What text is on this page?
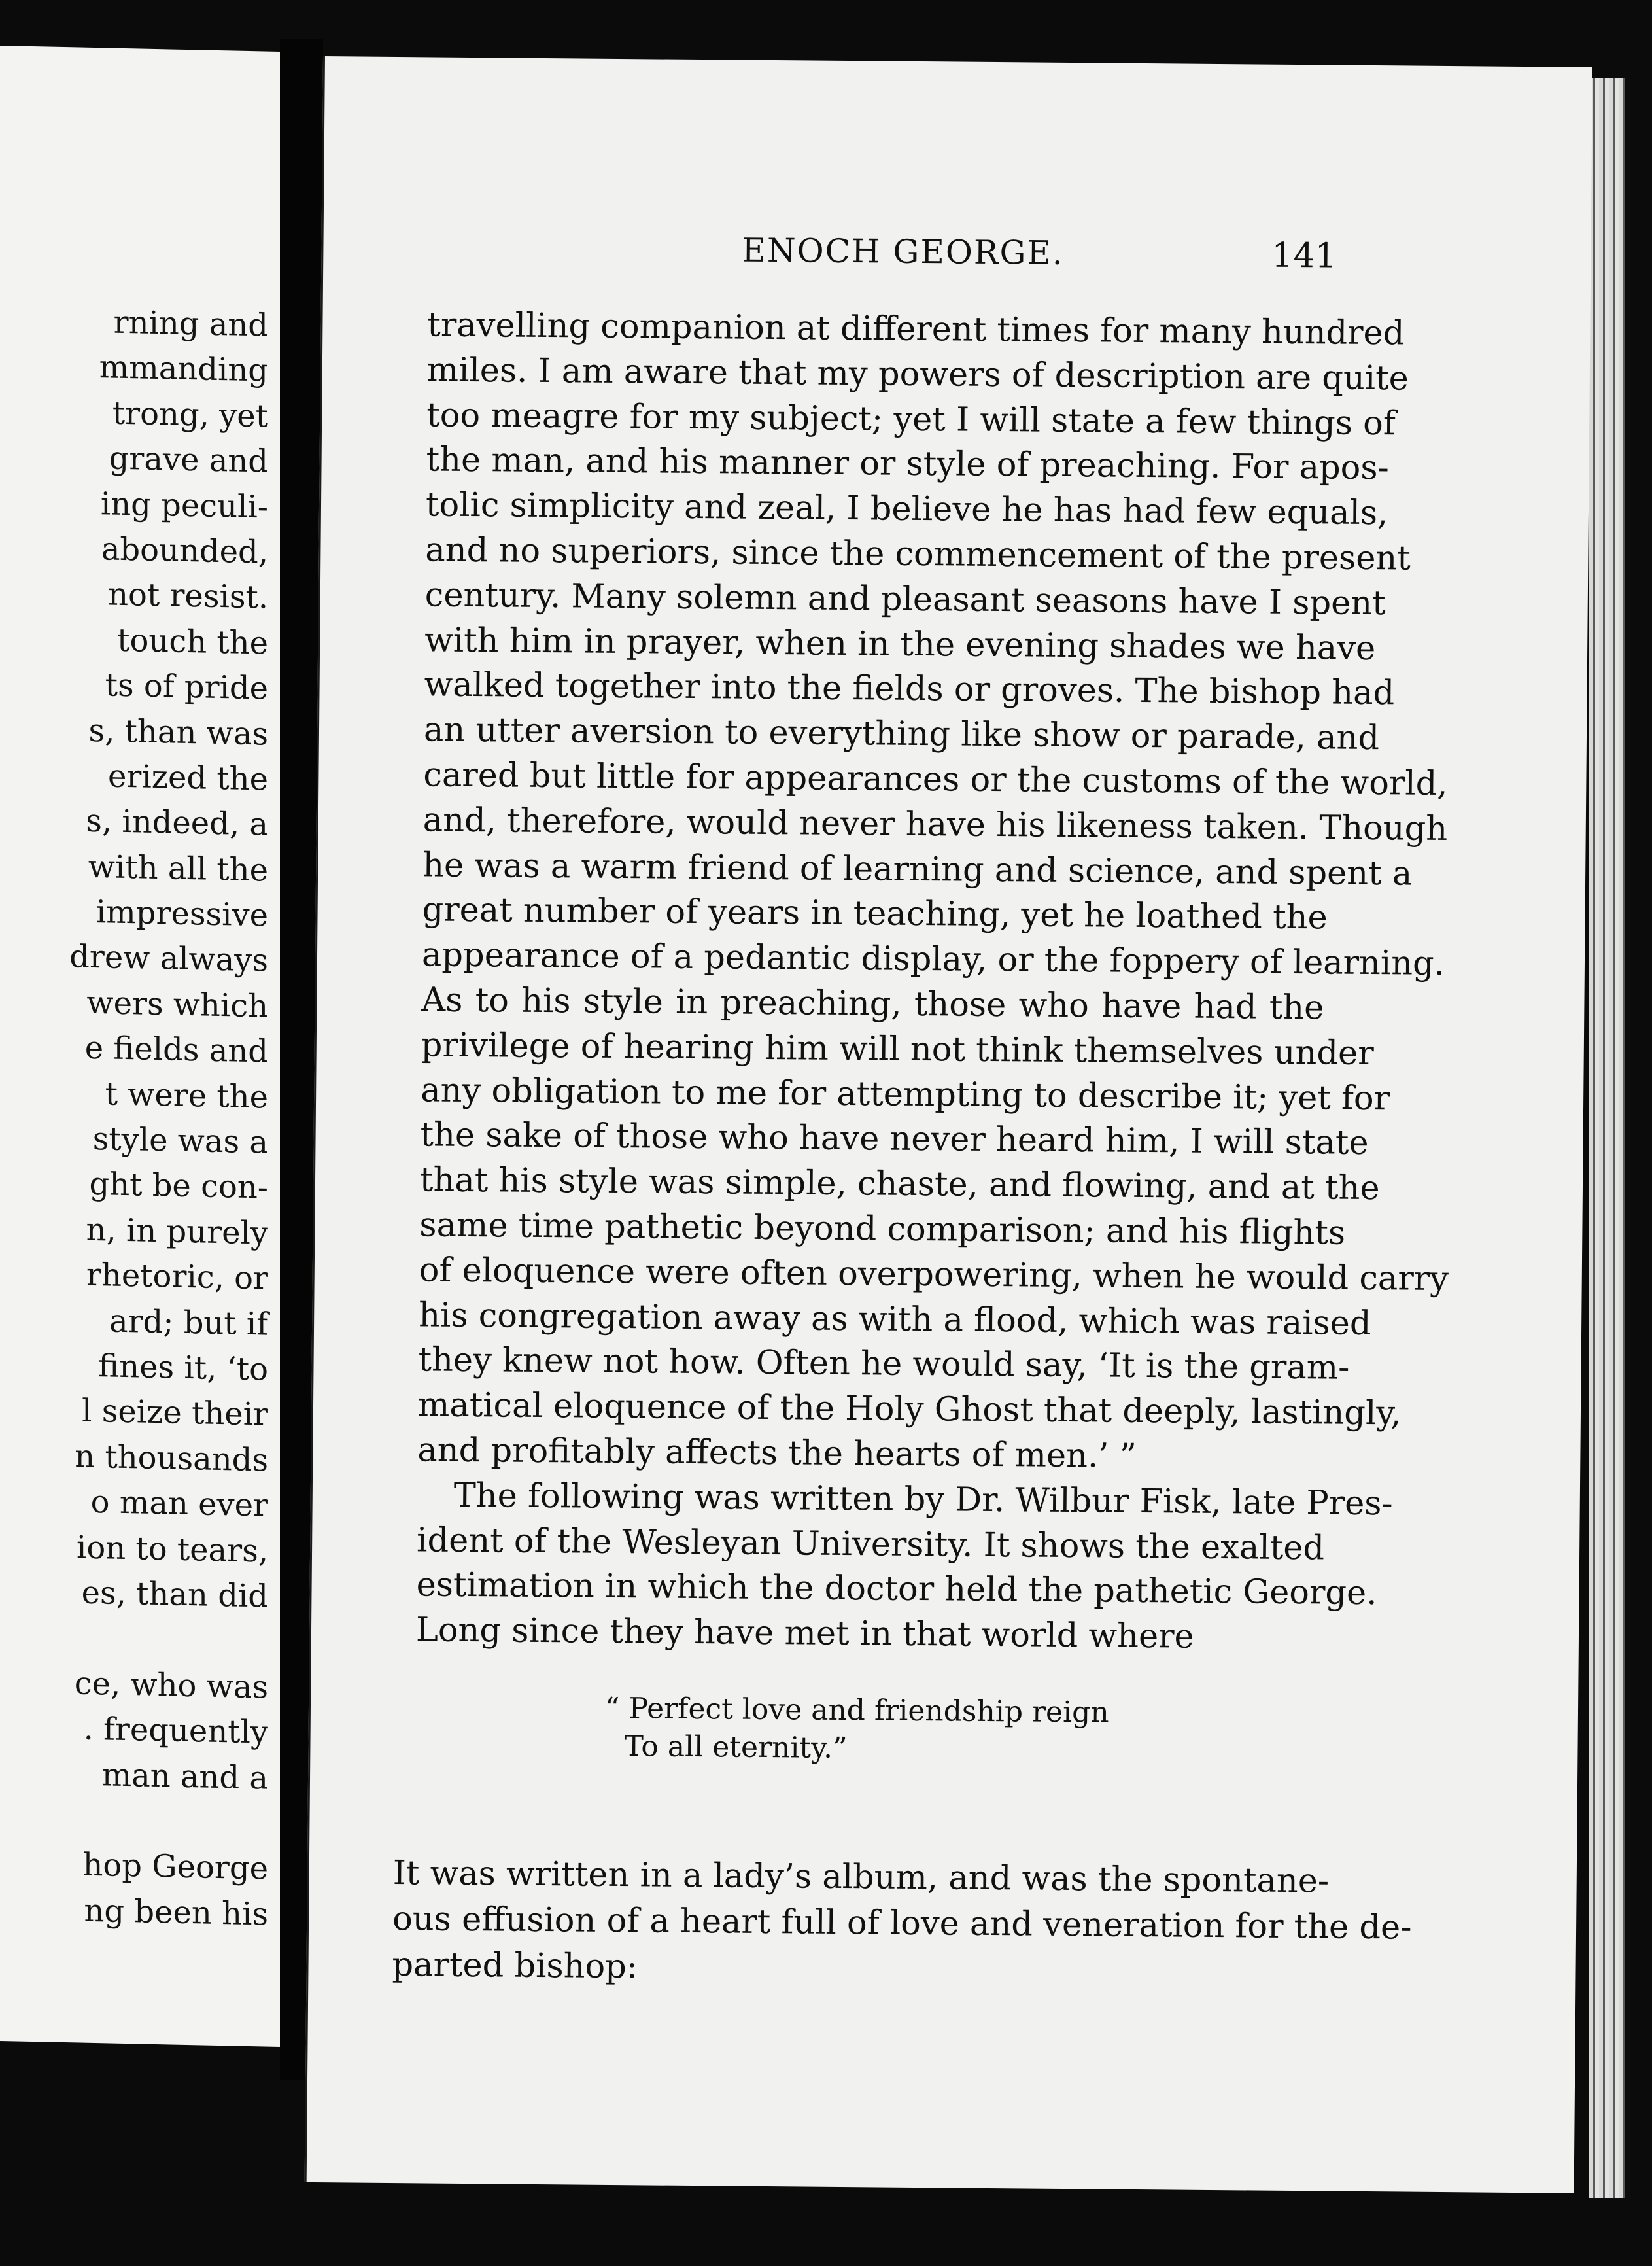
rning and
mmanding
trong, yet
grave and
ing peculi-
abounded,
not resist.
touch the
ts of pride
s, than was
erized the
s, indeed, a
with all the
impressive
drew always
wers which
e fields and
t were the
style was a
ght be con-
n, in purely
rhetoric, or
ard; but if
fines it, ‘to
l seize their
n thousands
o man ever
ion to tears,
es, than did
ce, who was
. frequently
man and a
hop George
ng been his
ENOCH GEORGE.	141
travelling companion at different times for many hundred
miles. I am aware that my powers of description are quite
too meagre for my subject; yet I will state a few things of
the man, and his manner or style of preaching. For apos-
tolic simplicity and zeal, I believe he has had few equals,
and no superiors, since the commencement of the present
century. Many solemn and pleasant seasons have I spent
with him in prayer, when in the evening shades we have
walked together into the fields or groves. The bishop had
an utter aversion to everything like show or parade, and
cared but little for appearances or the customs of the world,
and, therefore, would never have his likeness taken. Though
he was a warm friend of learning and science, and spent a
great number of years in teaching, yet he loathed the
appearance of a pedantic display, or the foppery of learning.
As to his style in preaching, those who have had the
privilege of hearing him will not think themselves under
any obligation to me for attempting to describe it; yet for
the sake of those who have never heard him, I will state
that his style was simple, chaste, and flowing, and at the
same time pathetic beyond comparison; and his flights
of eloquence were often overpowering, when he would carry
his congregation away as with a flood, which was raised
they knew not how. Often he would say, ‘It is the gram-
matical eloquence of the Holy Ghost that deeply, lastingly,
and profitably affects the hearts of men.’ ”
The following was written by Dr. Wilbur Fisk, late Pres-
ident of the Wesleyan University. It shows the exalted
estimation in which the doctor held the pathetic George.
Long since they have met in that world where
“ Perfect love and friendship reign
To all eternity.”
It was written in a lady’s album, and was the spontane-
ous effusion of a heart full of love and veneration for the de-
parted bishop:
